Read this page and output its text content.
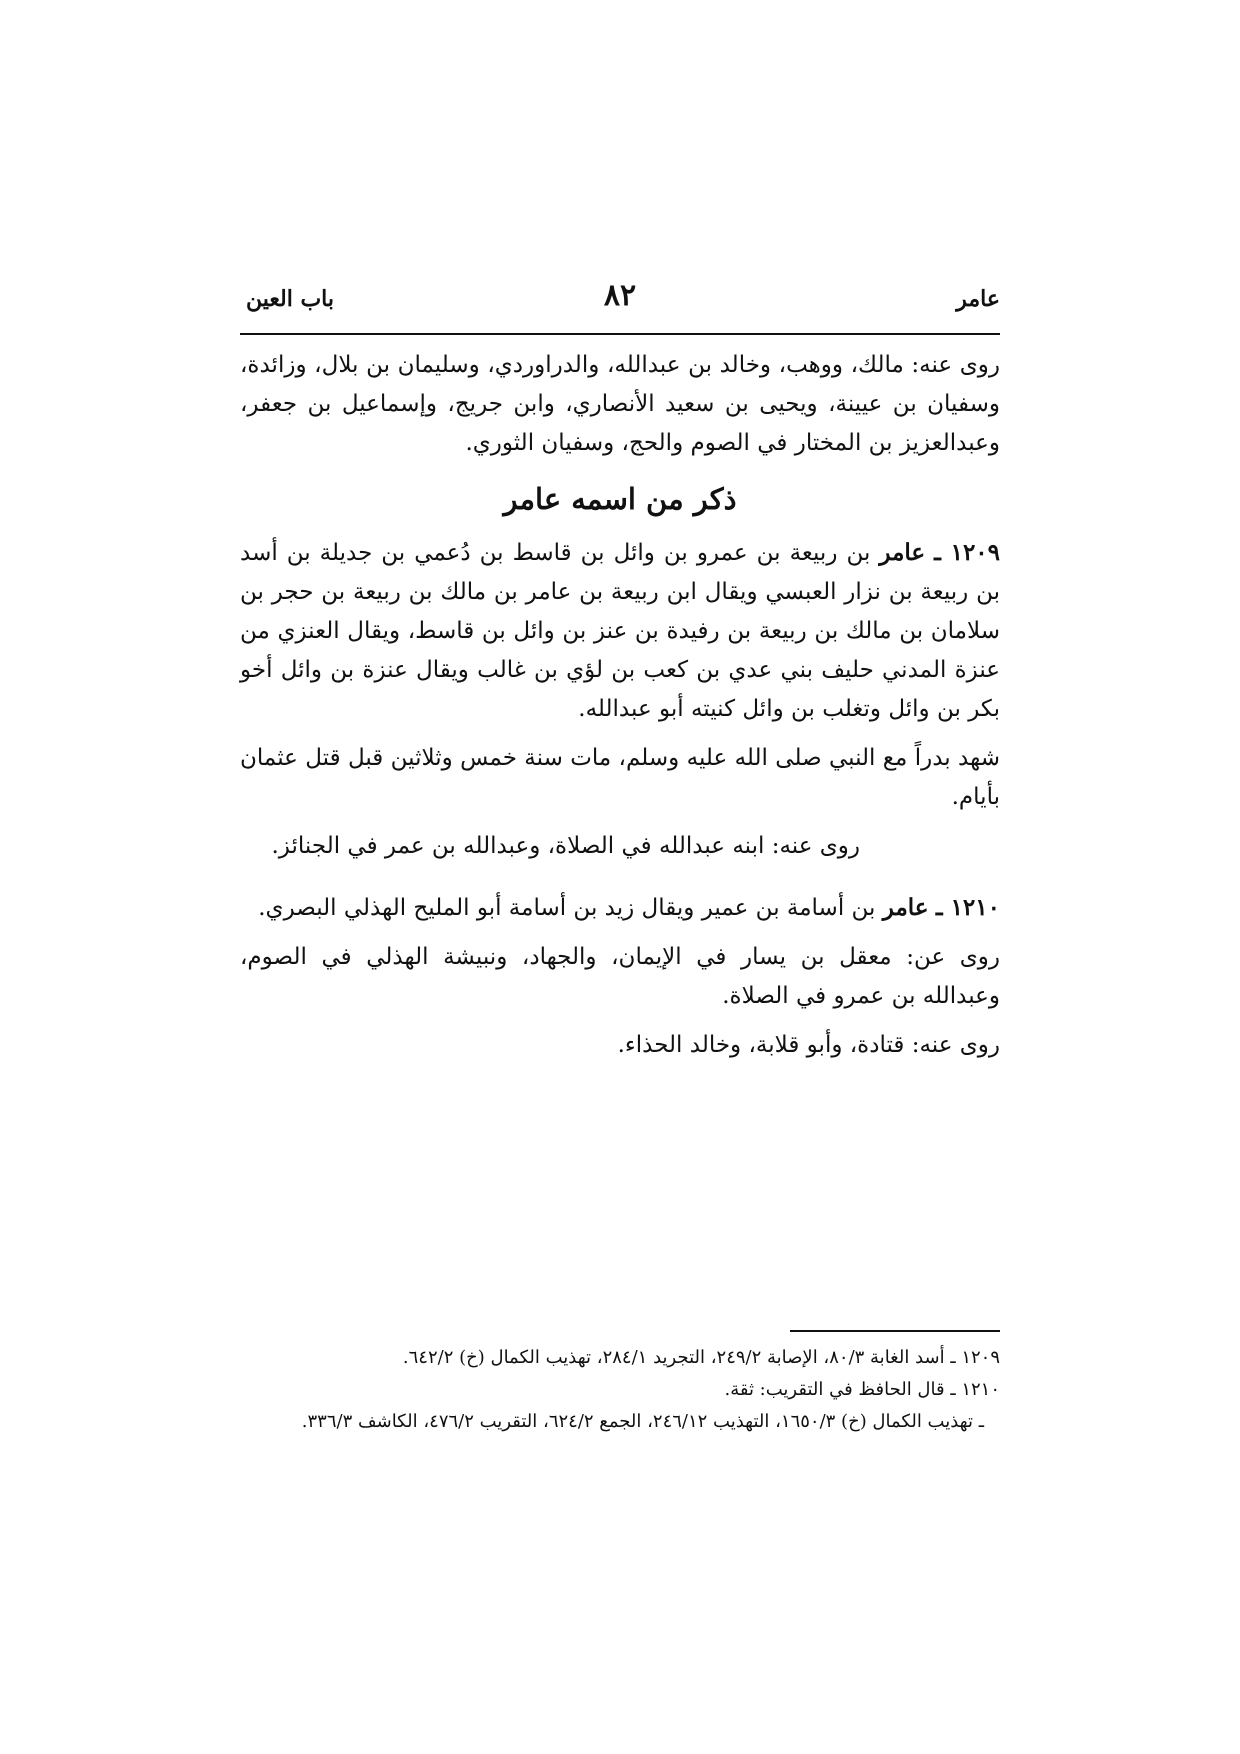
عامر
٨٢
باب العين

روى عنه: مالك، ووهب، وخالد بن عبدالله، والدراوردي، وسليمان بن بلال، وزائدة، وسفيان بن عيينة، ويحيى بن سعيد الأنصاري، وابن جريج، وإسماعيل بن جعفر، وعبدالعزيز بن المختار في الصوم والحج، وسفيان الثوري.

ذكر من اسمه عامر

١٢٠٩ ـ عامر بن ربيعة بن عمرو بن وائل بن قاسط بن دُعمي بن جديلة بن أسد بن ربيعة بن نزار العبسي ويقال ابن ربيعة بن عامر بن مالك بن ربيعة بن حجر بن سلامان بن مالك بن ربيعة بن رفيدة بن عنز بن وائل بن قاسط، ويقال العنزي من عنزة المدني حليف بني عدي بن كعب بن لؤي بن غالب ويقال عنزة بن وائل أخو بكر بن وائل وتغلب بن وائل كنيته أبو عبدالله.

شهد بدراً مع النبي صلى الله عليه وسلم، مات سنة خمس وثلاثين قبل قتل عثمان بأيام.

روى عنه: ابنه عبدالله في الصلاة، وعبدالله بن عمر في الجنائز.

١٢١٠ ـ عامر بن أسامة بن عمير ويقال زيد بن أسامة أبو المليح الهذلي البصري.

روى عن: معقل بن يسار في الإيمان، والجهاد، ونبيشة الهذلي في الصوم، وعبدالله بن عمرو في الصلاة.

روى عنه: قتادة، وأبو قلابة، وخالد الحذاء.

١٢٠٩ ـ أسد الغابة ٨٠/٣، الإصابة ٢٤٩/٢، التجريد ٢٨٤/١، تهذيب الكمال (خ) ٦٤٢/٢.

١٢١٠ ـ قال الحافظ في التقريب: ثقة.

ـ تهذيب الكمال (خ) ١٦٥٠/٣، التهذيب ٢٤٦/١٢، الجمع ٦٢٤/٢، التقريب ٤٧٦/٢، الكاشف ٣٣٦/٣.
